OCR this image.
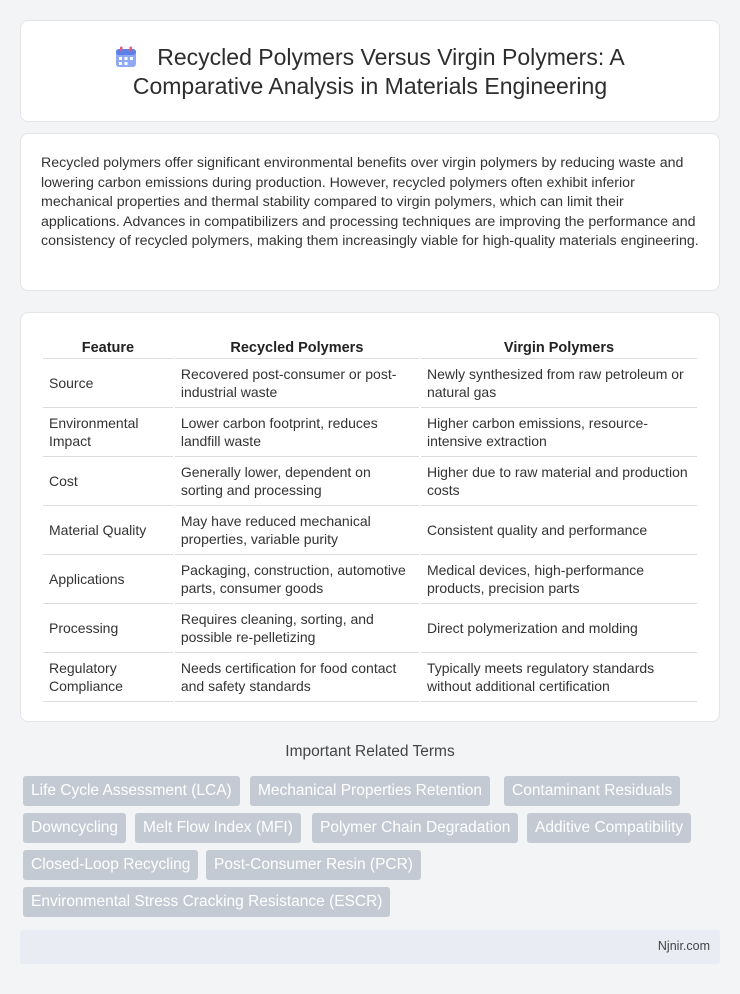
Recycled Polymers Versus Virgin Polymers: A
Comparative Analysis in Materials Engineering

Recycled polymers offer significant environmental benefits over virgin polymers by reducing waste and lowering carbon emissions during production. However, recycled polymers often exhibit inferior mechanical properties and thermal stability compared to virgin polymers, which can limit their applications. Advances in compatibilizers and processing techniques are improving the performance and consistency of recycled polymers, making them increasingly viable for high-quality materials engineering.

Feature	Recycled Polymers	Virgin Polymers
Source	Recovered post-consumer or post-industrial waste	Newly synthesized from raw petroleum or natural gas
Environmental Impact	Lower carbon footprint, reduces landfill waste	Higher carbon emissions, resource-intensive extraction
Cost	Generally lower, dependent on sorting and processing	Higher due to raw material and production costs
Material Quality	May have reduced mechanical properties, variable purity	Consistent quality and performance
Applications	Packaging, construction, automotive parts, consumer goods	Medical devices, high-performance products, precision parts
Processing	Requires cleaning, sorting, and possible re-pelletizing	Direct polymerization and molding
Regulatory Compliance	Needs certification for food contact and safety standards	Typically meets regulatory standards without additional certification
Important Related Terms
Life Cycle Assessment (LCA)	Mechanical Properties Retention	Contaminant Residuals
Downcycling	Melt Flow Index (MFI)	Polymer Chain Degradation	Additive Compatibility
Closed-Loop Recycling	Post-Consumer Resin (PCR)
Environmental Stress Cracking Resistance (ESCR)
Njnir.com
